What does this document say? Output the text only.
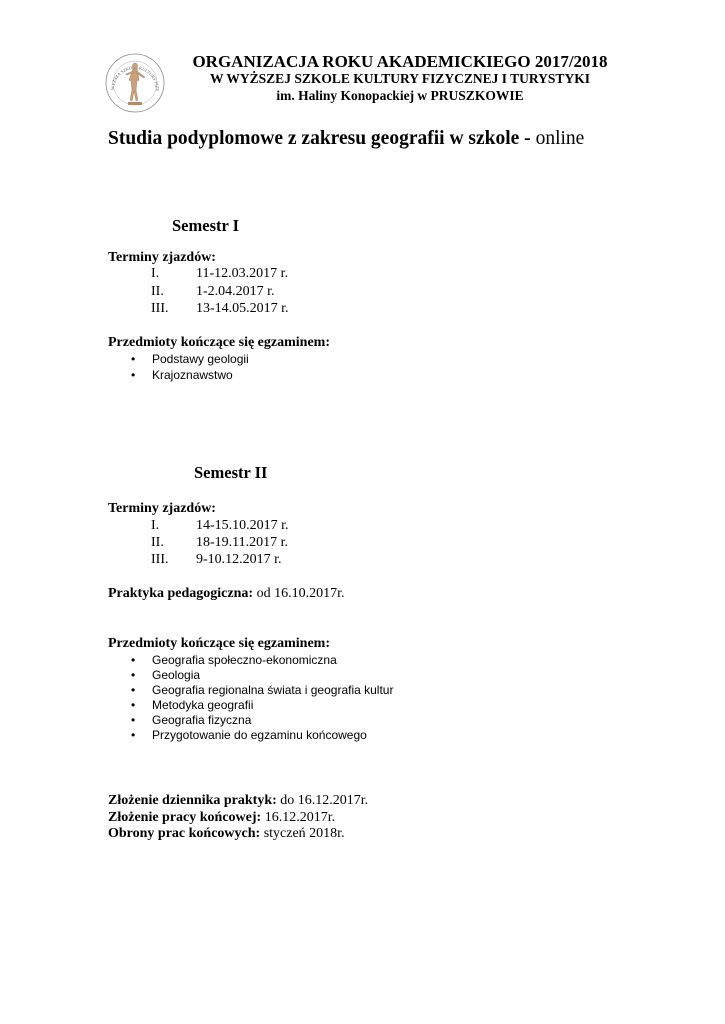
WYŻSZA SZKO KULTURY FIZY
ORGANIZACJA ROKU AKADEMICKIEGO 2017/2018
W WYŻSZEJ SZKOLE KULTURY FIZYCZNEJ I TURYSTYKI
im. Haliny Konopackiej w PRUSZKOWIE
Studia podyplomowe z zakresu geografii w szkole - online
Semestr I
Terminy zjazdów:
I.	11-12.03.2017 r.
II.	1-2.04.2017 r.
III.	13-14.05.2017 r.
Przedmioty kończące się egzaminem:
• Podstawy geologii
• Krajoznawstwo
Semestr II
Terminy zjazdów:
I.	14-15.10.2017 r.
II.	18-19.11.2017 r.
III.	9-10.12.2017 r.
Praktyka pedagogiczna: od 16.10.2017r.
Przedmioty kończące się egzaminem:
• Geografia społeczno-ekonomiczna
• Geologia
• Geografia regionalna świata i geografia kultur
• Metodyka geografii
• Geografia fizyczna
• Przygotowanie do egzaminu końcowego
Złożenie dziennika praktyk: do 16.12.2017r.
Złożenie pracy końcowej: 16.12.2017r.
Obrony prac końcowych: styczeń 2018r.
